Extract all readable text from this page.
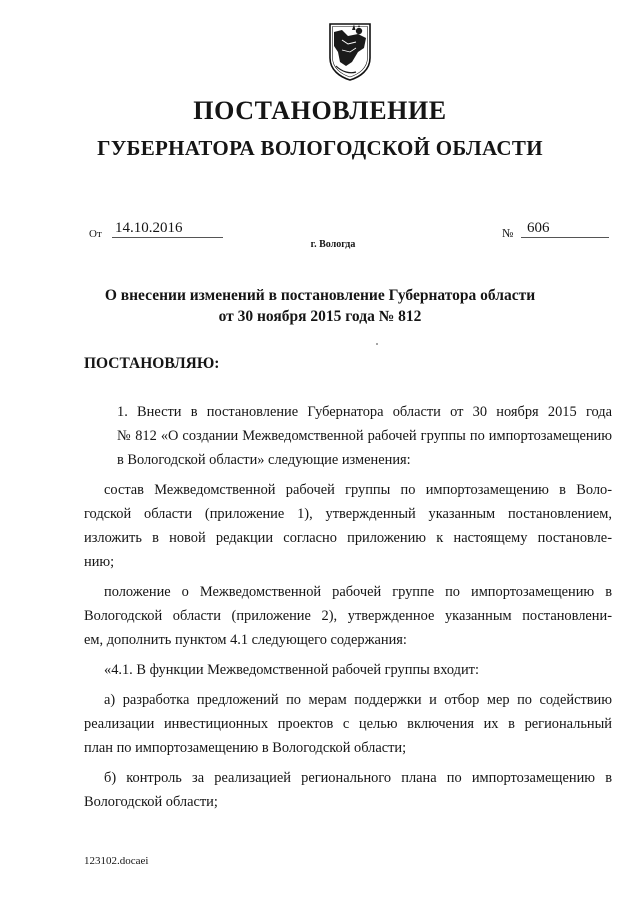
ПОСТАНОВЛЕНИЕ
ГУБЕРНАТОРА ВОЛОГОДСКОЙ ОБЛАСТИ
От 14.10.2016	№ 606
г. Вологда
О внесении изменений в постановление Губернатора области
от 30 ноября 2015 года № 812
ПОСТАНОВЛЯЮ:

1. Внести в постановление Губернатора области от 30 ноября 2015 года
№ 812 «О создании Межведомственной рабочей группы по импортозамещению
в Вологодской области» следующие изменения:

состав Межведомственной рабочей группы по импортозамещению в Воло-
годской области (приложение 1), утвержденный указанным постановлением,
изложить в новой редакции согласно приложению к настоящему постановле-
нию;

положение о Межведомственной рабочей группе по импортозамещению в
Вологодской области (приложение 2), утвержденное указанным постановлени-
ем, дополнить пунктом 4.1 следующего содержания:

«4.1. В функции Межведомственной рабочей группы входит:

а) разработка предложений по мерам поддержки и отбор мер по содействию
реализации инвестиционных проектов с целью включения их в региональный
план по импортозамещению в Вологодской области;

б) контроль за реализацией регионального плана по импортозамещению в
Вологодской области;

123102.docaei
